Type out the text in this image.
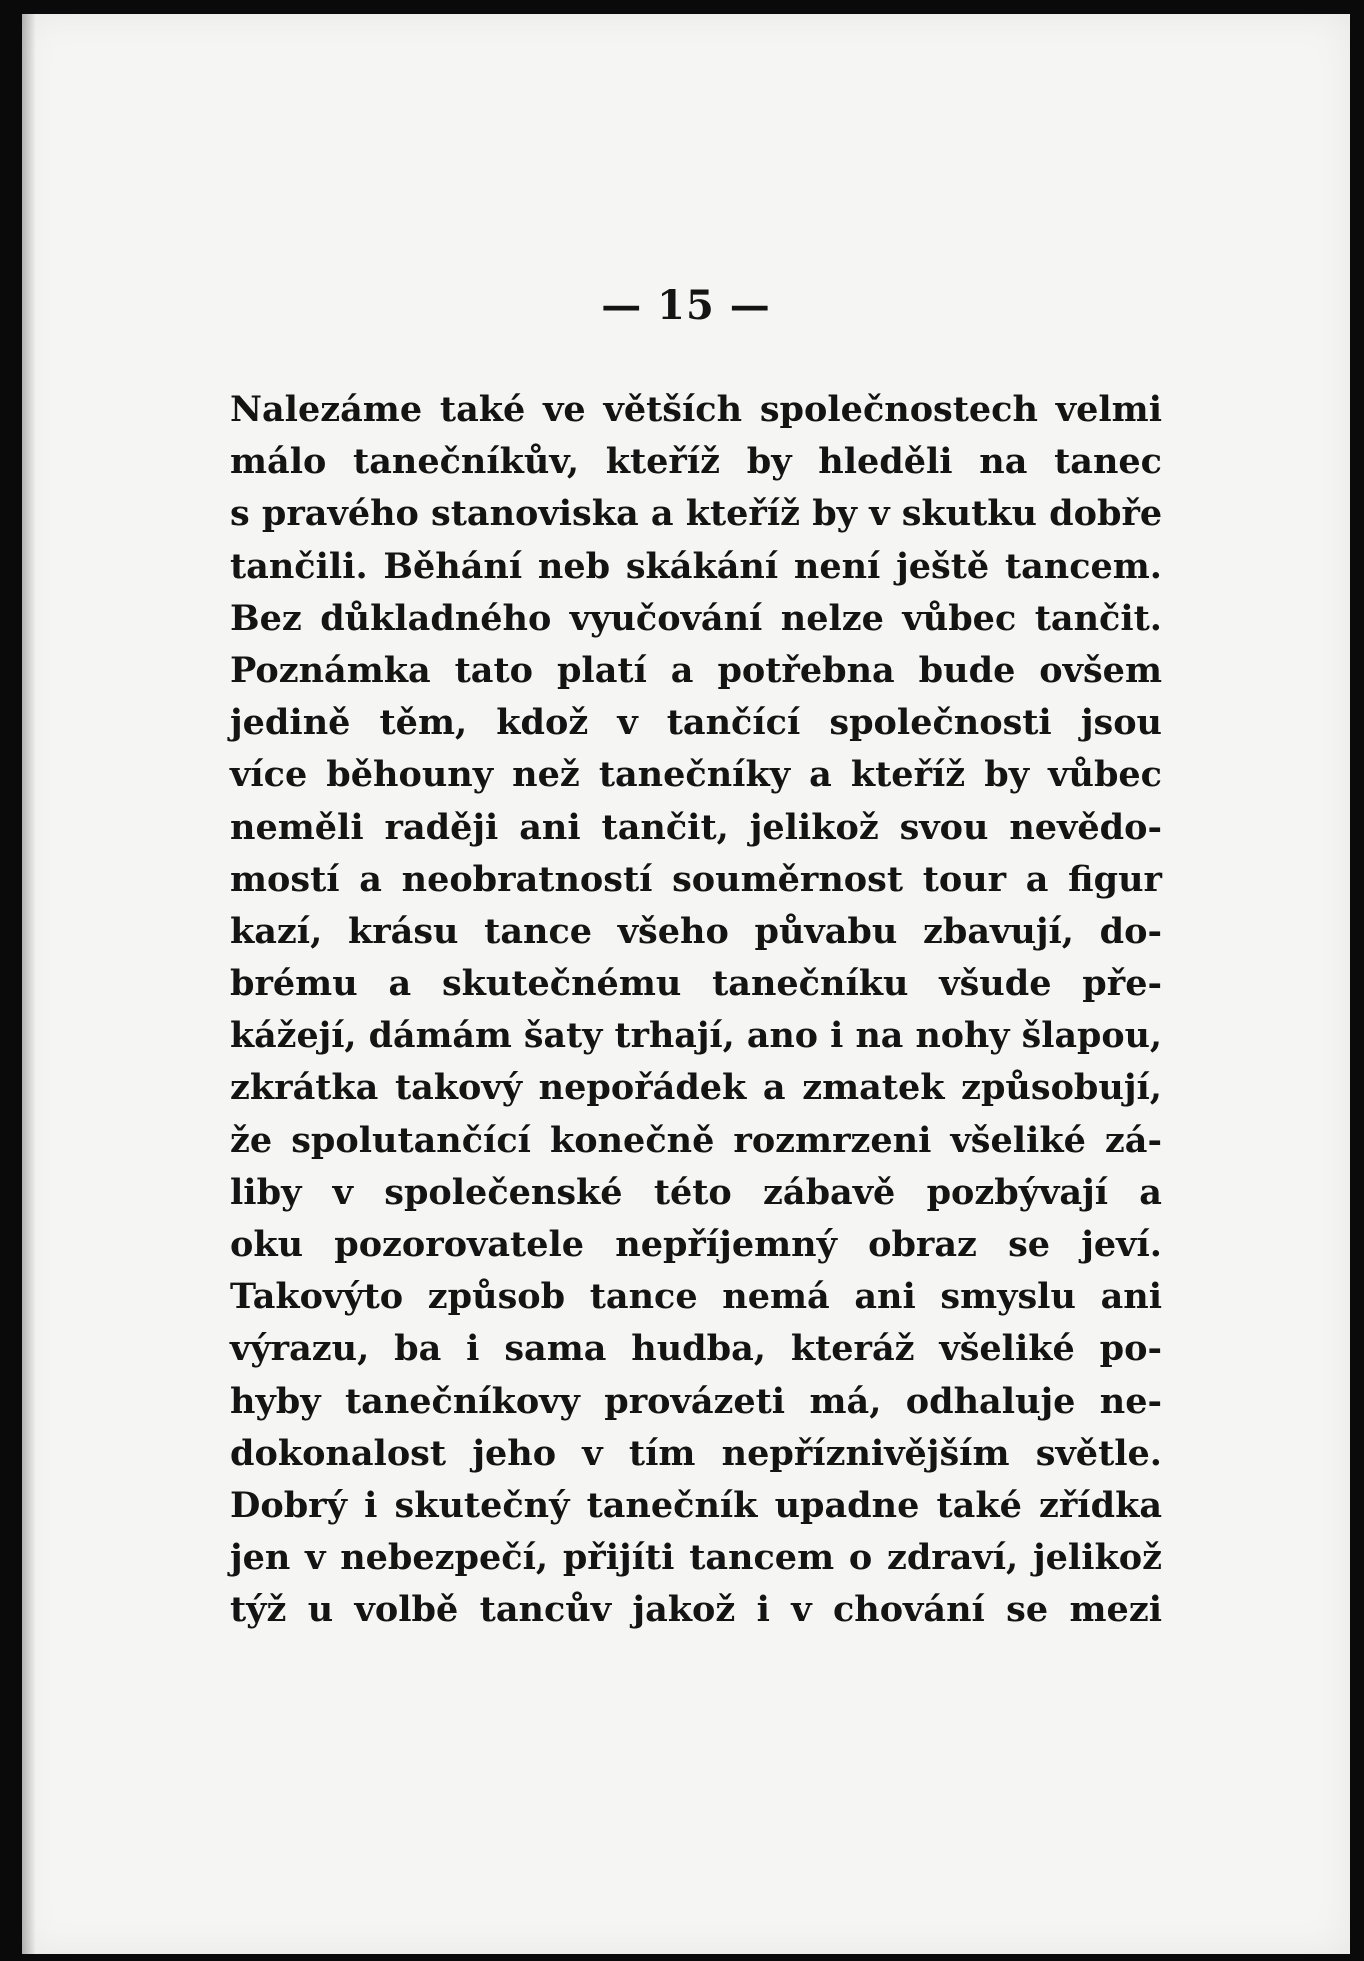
— 15 —
Nalezáme také ve větších společnostech velmi
málo tanečníkův, kteříž by hleděli na tanec
s pravého stanoviska a kteříž by v skutku dobře
tančili. Běhání neb skákání není ještě tancem.
Bez důkladného vyučování nelze vůbec tančit.
Poznámka tato platí a potřebna bude ovšem
jedině těm, kdož v tančící společnosti jsou
více běhouny než tanečníky a kteříž by vůbec
neměli raději ani tančit, jelikož svou nevědo-
mostí a neobratností souměrnost tour a figur
kazí, krásu tance všeho půvabu zbavují, do-
brému a skutečnému tanečníku všude pře-
kážejí, dámám šaty trhají, ano i na nohy šlapou,
zkrátka takový nepořádek a zmatek způsobují,
že spolutančící konečně rozmrzeni všeliké zá-
liby v společenské této zábavě pozbývají a
oku pozorovatele nepříjemný obraz se jeví.
Takovýto způsob tance nemá ani smyslu ani
výrazu, ba i sama hudba, kteráž všeliké po-
hyby tanečníkovy provázeti má, odhaluje ne-
dokonalost jeho v tím nepříznivějším světle.
Dobrý i skutečný tanečník upadne také zřídka
jen v nebezpečí, přijíti tancem o zdraví, jelikož
týž u volbě tancův jakož i v chování se mezi
